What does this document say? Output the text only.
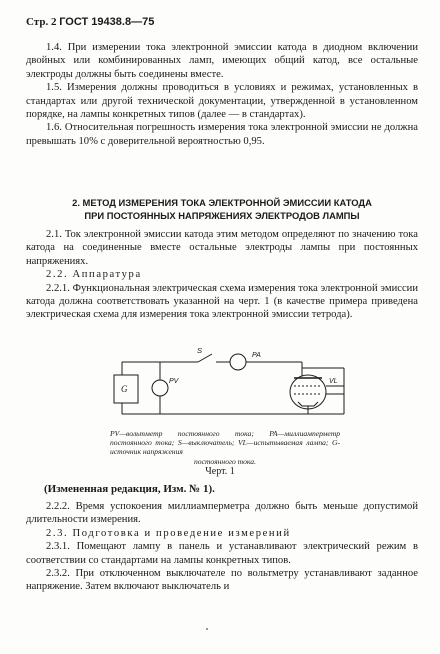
Стр. 2 ГОСТ 19438.8—75

1.4. При измерении тока электронной эмиссии катода в диодном включении двойных или комбинированных ламп, имеющих общий катод, все остальные электроды должны быть соединены вместе.

1.5. Измерения должны проводиться в условиях и режимах, установленных в стандартах или другой технической документации, утвержденной в установленном порядке, на лампы конкретных типов (далее — в стандартах).

1.6. Относительная погрешность измерения тока электронной эмиссии не должна превышать 10% с доверительной вероятностью 0,95.

2. МЕТОД ИЗМЕРЕНИЯ ТОКА ЭЛЕКТРОННОЙ ЭМИССИИ КАТОДА
ПРИ ПОСТОЯННЫХ НАПРЯЖЕНИЯХ ЭЛЕКТРОДОВ ЛАМПЫ

2.1. Ток электронной эмиссии катода этим методом определяют по значению тока катода на соединенные вместе остальные электроды лампы при постоянных напряжениях.

2.2. Аппаратура

2.2.1. Функциональная электрическая схема измерения тока электронной эмиссии катода должна соответствовать указанной на черт. 1 (в качестве примера приведена электрическая схема для измерения тока электронной эмиссии тетрода).

G
PV
S
PA
VL
PV—вольтметр постоянного тока; PA—миллиамперметр постоянного тока; S—выключатель; VL—испытываемая лампа; G- источник напряжения
постоянного тока.
Черт. 1
(Измененная редакция, Изм. № 1).

2.2.2. Время успокоения миллиамперметра должно быть меньше допустимой длительности измерения.

2.3. Подготовка и проведение измерений

2.3.1. Помещают лампу в панель и устанавливают электрический режим в соответствии со стандартами на лампы конкретных типов.

2.3.2. При отключенном выключателе по вольтметру устанавливают заданное напряжение. Затем включают выключатель и
